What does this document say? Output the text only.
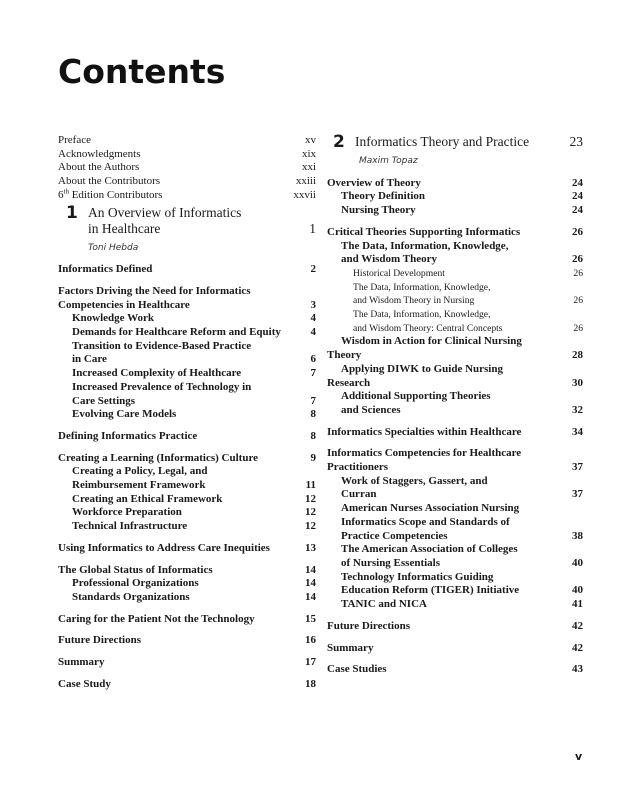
Contents
Preface	xv
Acknowledgments	xix
About the Authors	xxi
About the Contributors	xxiii
6th Edition Contributors	xxvii
1 An Overview of Informatics
in Healthcare	1
Toni Hebda
Informatics Defined	2
Factors Driving the Need for Informatics
Competencies in Healthcare	3
Knowledge Work	4
Demands for Healthcare Reform and Equity	4
Transition to Evidence-Based Practice
in Care	6
Increased Complexity of Healthcare	7
Increased Prevalence of Technology in
Care Settings	7
Evolving Care Models	8
Defining Informatics Practice	8
Creating a Learning (Informatics) Culture	9
Creating a Policy, Legal, and
Reimbursement Framework	11
Creating an Ethical Framework	12
Workforce Preparation	12
Technical Infrastructure	12
Using Informatics to Address Care Inequities	13
The Global Status of Informatics	14
Professional Organizations	14
Standards Organizations	14
Caring for the Patient Not the Technology	15
Future Directions	16
Summary	17
Case Study	18
2 Informatics Theory and Practice	23
Maxim Topaz
Overview of Theory	24
Theory Definition	24
Nursing Theory	24
Critical Theories Supporting Informatics	26
The Data, Information, Knowledge,
and Wisdom Theory	26
Historical Development	26
The Data, Information, Knowledge,
and Wisdom Theory in Nursing	26
The Data, Information, Knowledge,
and Wisdom Theory: Central Concepts	26
Wisdom in Action for Clinical Nursing
Theory	28
Applying DIWK to Guide Nursing
Research	30
Additional Supporting Theories
and Sciences	32
Informatics Specialties within Healthcare	34
Informatics Competencies for Healthcare
Practitioners	37
Work of Staggers, Gassert, and
Curran	37
American Nurses Association Nursing
Informatics Scope and Standards of
Practice Competencies	38
The American Association of Colleges
of Nursing Essentials	40
Technology Informatics Guiding
Education Reform (TIGER) Initiative	40
TANIC and NICA	41
Future Directions	42
Summary	42
Case Studies	43
v
